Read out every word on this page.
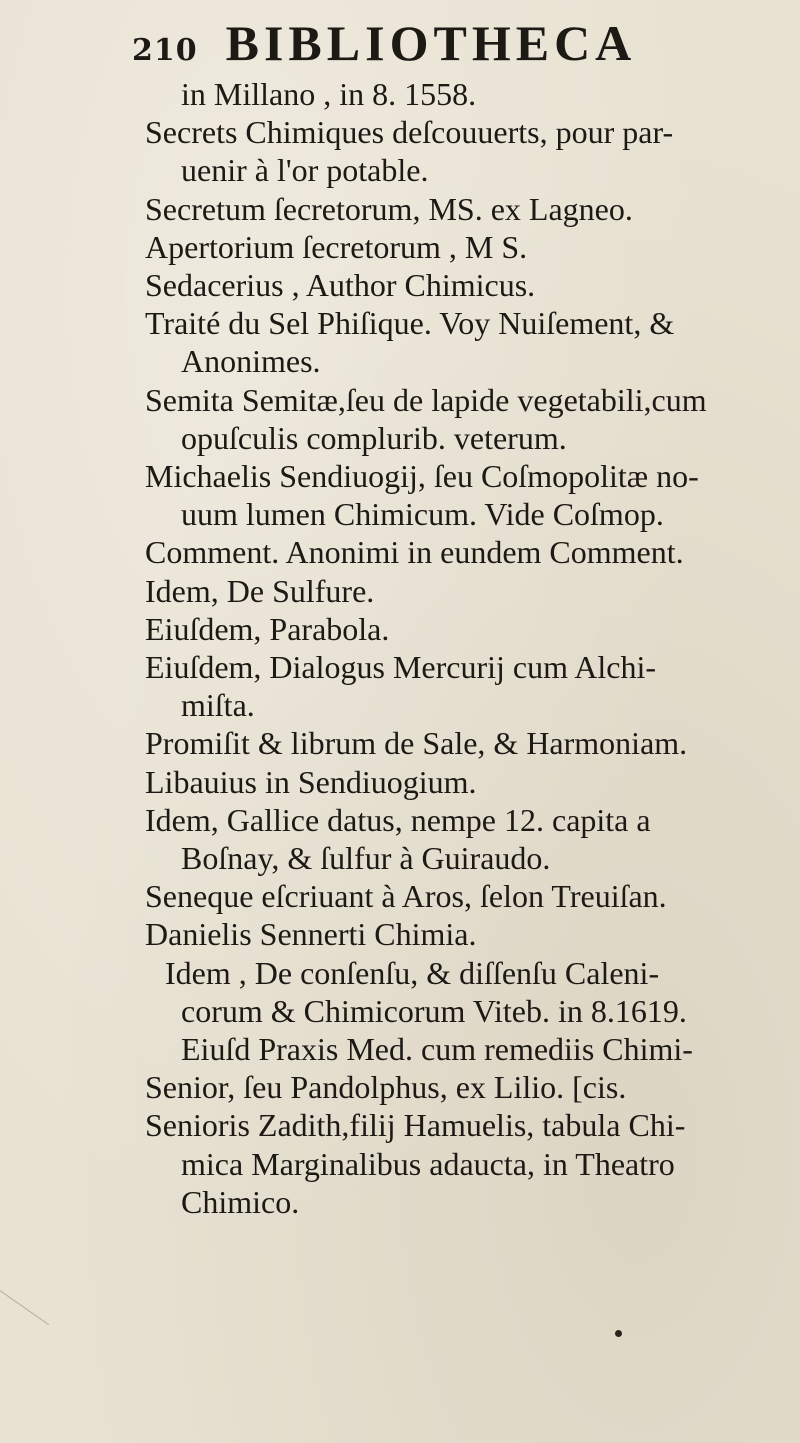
210 BIBLIOTHECA
in Millano , in 8. 1558.
Secrets Chimiques deſcouuerts, pour par-
uenir à l'or potable.
Secretum ſecretorum, MS. ex Lagneo.
Apertorium ſecretorum , M S.
Sedacerius , Author Chimicus.
Traité du Sel Phiſique. Voy Nuiſement, &
Anonimes.
Semita Semitæ,ſeu de lapide vegetabili,cum
opuſculis complurib. veterum.
Michaelis Sendiuogij, ſeu Coſmopolitæ no-
uum lumen Chimicum. Vide Coſmop.
Comment. Anonimi in eundem Comment.
Idem, De Sulfure.
Eiuſdem, Parabola.
Eiuſdem, Dialogus Mercurij cum Alchi-
miſta.
Promiſit & librum de Sale, & Harmoniam.
Libauius in Sendiuogium.
Idem, Gallice datus, nempe 12. capita a
Boſnay, & ſulfur à Guiraudo.
Seneque eſcriuant à Aros, ſelon Treuiſan.
Danielis Sennerti Chimia.
Idem , De conſenſu, & diſſenſu Caleni-
corum & Chimicorum Viteb. in 8.1619.
Eiuſd Praxis Med. cum remediis Chimi-
Senior, ſeu Pandolphus, ex Lilio. [cis.
Senioris Zadith,filij Hamuelis, tabula Chi-
mica Marginalibus adaucta, in Theatro
Chimico.
